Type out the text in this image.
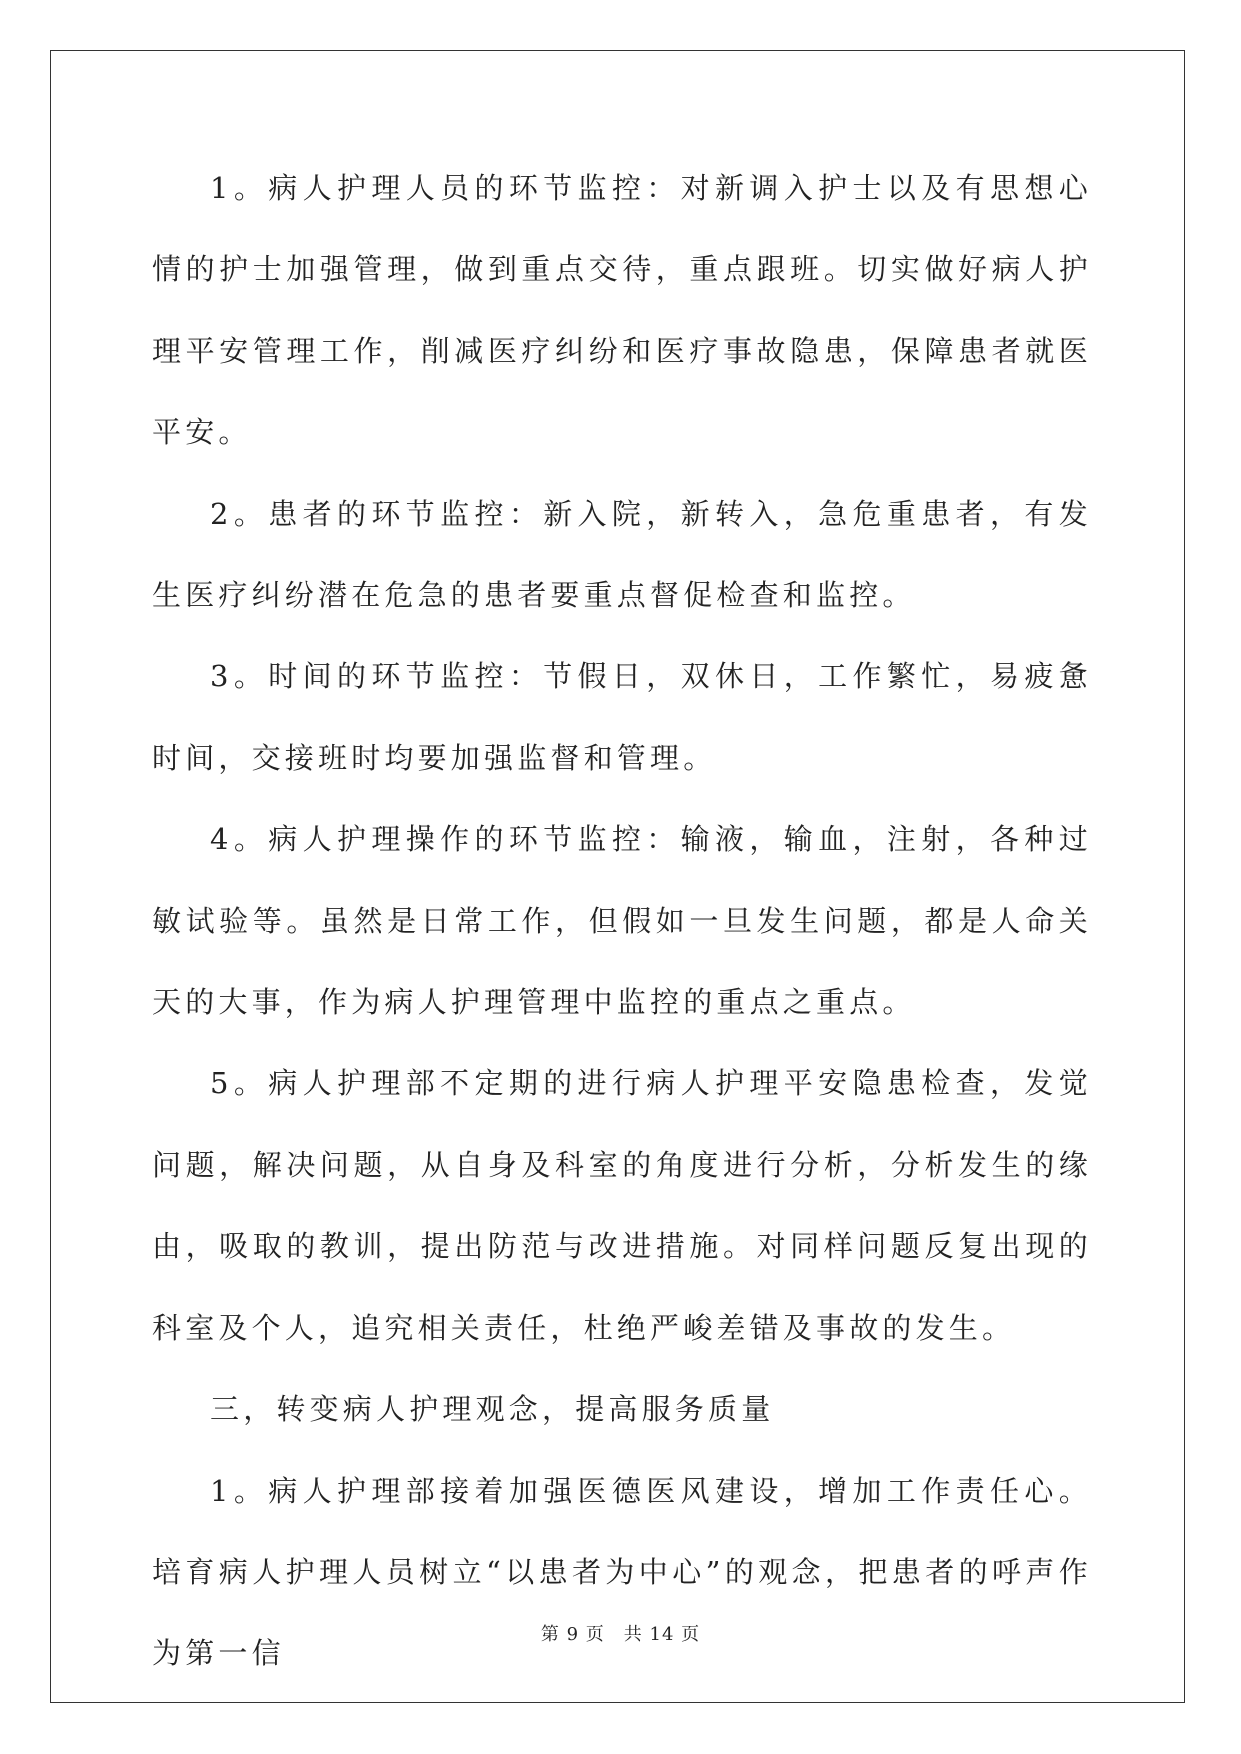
1。病人护理人员的环节监控：对新调入护士以及有思想心情的护士加强管理，做到重点交待，重点跟班。切实做好病人护理平安管理工作，削减医疗纠纷和医疗事故隐患，保障患者就医平安。

2。患者的环节监控：新入院，新转入，急危重患者，有发生医疗纠纷潜在危急的患者要重点督促检查和监控。

3。时间的环节监控：节假日，双休日，工作繁忙，易疲惫时间，交接班时均要加强监督和管理。

4。病人护理操作的环节监控：输液，输血，注射，各种过敏试验等。虽然是日常工作，但假如一旦发生问题，都是人命关天的大事，作为病人护理管理中监控的重点之重点。

5。病人护理部不定期的进行病人护理平安隐患检查，发觉问题，解决问题，从自身及科室的角度进行分析，分析发生的缘由，吸取的教训，提出防范与改进措施。对同样问题反复出现的科室及个人，追究相关责任，杜绝严峻差错及事故的发生。

三，转变病人护理观念，提高服务质量

1。病人护理部接着加强医德医风建设，增加工作责任心。培育病人护理人员树立“以患者为中心”的观念，把患者的呼声作为第一信

第 9 页　共 14 页
